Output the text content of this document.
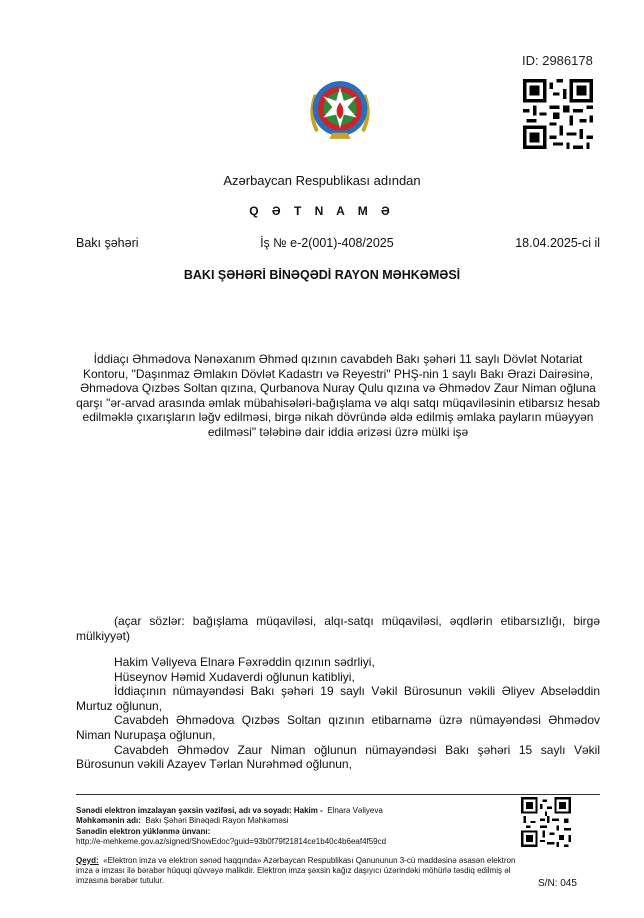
ID: 2986178
Azərbaycan Respublikası adından
Q Ə T N A M Ə
Bakı şəhəri	İş № e-2(001)-408/2025	18.04.2025-ci il
BAKI ŞƏHƏRİ BİNƏQƏDİ RAYON MƏHKƏMƏSİ
İddiaçı Əhmədova Nənəxanım Əhməd qızının cavabdeh Bakı şəhəri 11 saylı Dövlət Notariat Kontoru, "Daşınmaz Əmlakın Dövlət Kadastrı və Reyestri" PHŞ-nin 1 saylı Bakı Ərazi Dairəsinə, Əhmədova Qızbəs Soltan qızına, Qurbanova Nuray Qulu qızına və Əhmədov Zaur Niman oğluna qarşı "ər-arvad arasında əmlak mübahisələri-bağışlama və alqı satqı müqaviləsinin etibarsız hesab edilməklə çıxarışların ləğv edilməsi, birgə nikah dövründə əldə edilmiş əmlaka payların müəyyən edilməsi" tələbinə dair iddia ərizəsi üzrə mülki işə
(açar sözlər: bağışlama müqaviləsi, alqı-satqı müqaviləsi, əqdlərin etibarsızlığı, birgə mülkiyyət)

Hakim Vəliyeva Elnarə Fəxrəddin qızının sədrliyi,

Hüseynov Həmid Xudaverdi oğlunun katibliyi,

İddiaçının nümayəndəsi Bakı şəhəri 19 saylı Vəkil Bürosunun vəkili Əliyev Abseləddin Murtuz oğlunun,

Cavabdeh Əhmədova Qızbəs Soltan qızının etibarnamə üzrə nümayəndəsi Əhmədov Niman Nurupaşa oğlunun,

Cavabdeh Əhmədov Zaur Niman oğlunun nümayəndəsi Bakı şəhəri 15 saylı Vəkil Bürosunun vəkili Azayev Tərlan Nurəhməd oğlunun,

Sənədi elektron imzalayan şəxsin vəzifəsi, adı və soyadı: Hakim - Elnarə Vəliyeva
Məhkəmənin adı: Bakı Şəhəri Binəqədi Rayon Məhkəməsi
Sənədin elektron yüklənmə ünvanı:
http://e-mehkeme.gov.az/signed/ShowEdoc?guid=93b0f79f21814ce1b40c4b6eaf4f59cd
Qeyd: «Elektron imza və elektron sənəd haqqında» Azərbaycan Respublikası Qanununun 3-cü maddəsinə əsasən elektron imza ə imzası ilə bərabər hüquqi qüvvəyə malikdir. Elektron imza şəxsin kağız daşıyıcı üzərindəki möhürlə təsdiq edilmiş əl imzasına bərabər tutulur.	S/N: 045
